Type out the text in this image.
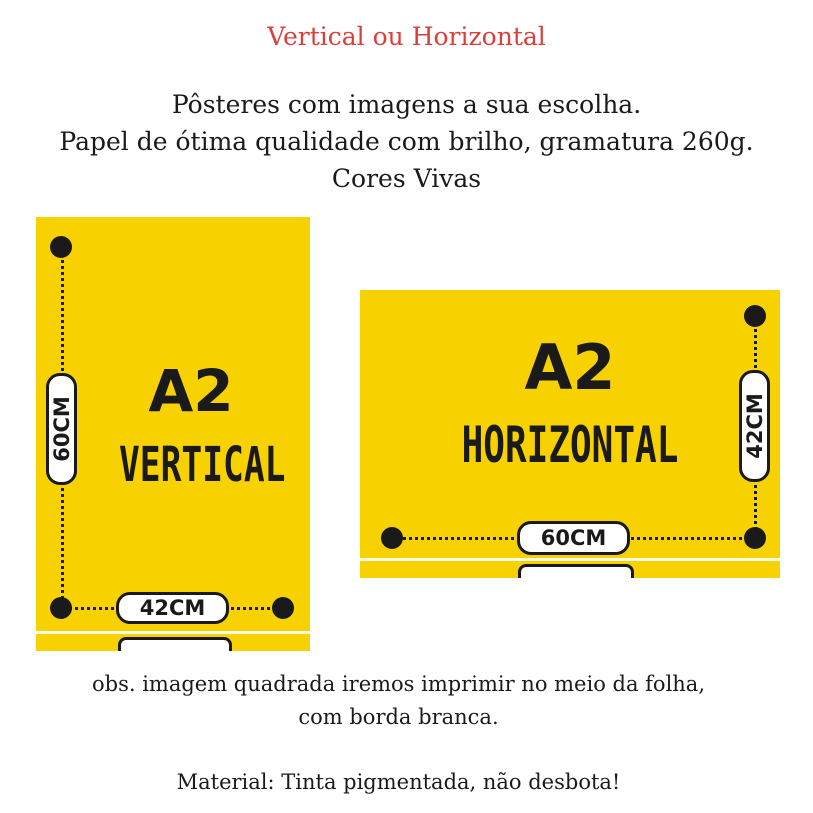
Vertical ou Horizontal
Pôsteres com imagens a sua escolha.
Papel de ótima qualidade com brilho, gramatura 260g.
Cores Vivas
60CM
42CM
A2
VERTICAL
42CM
60CM
A2
HORIZONTAL
obs. imagem quadrada iremos imprimir no meio da folha,
com borda branca.
Material: Tinta pigmentada, não desbota!
